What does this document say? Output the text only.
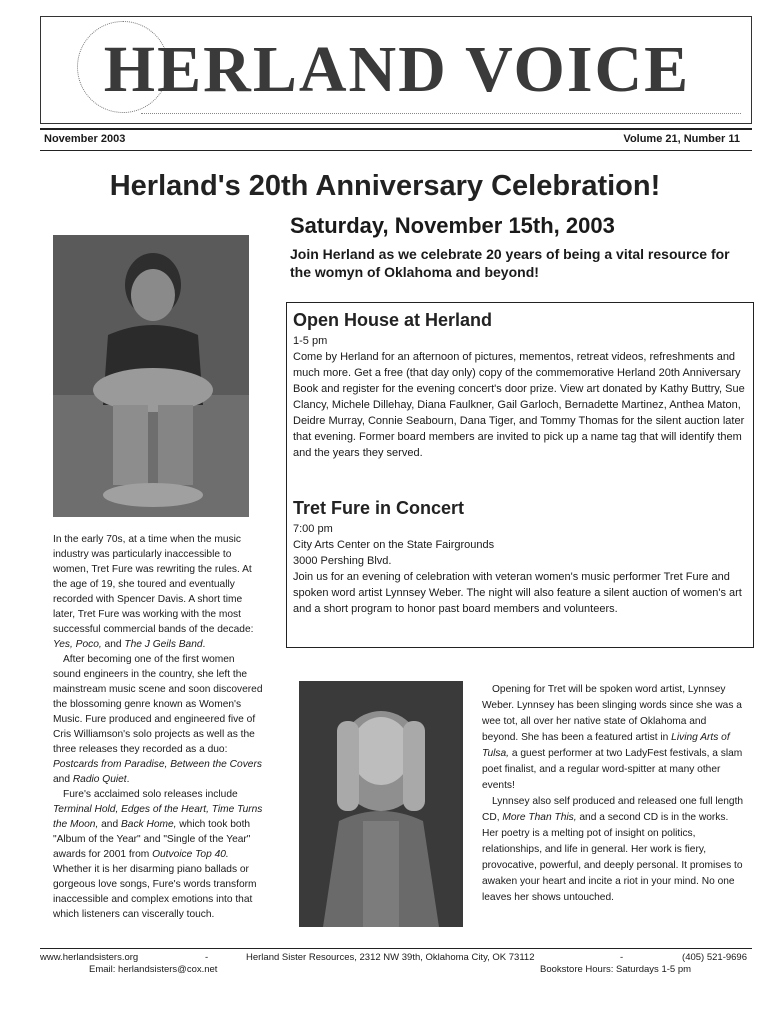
HERLAND VOICE
November 2003	Volume 21, Number 11
Herland's 20th Anniversary Celebration!
Saturday, November 15th, 2003
Join Herland as we celebrate 20 years of being a vital resource for the womyn of Oklahoma and beyond!

In the early 70s, at a time when the music industry was particularly inaccessible to women, Tret Fure was rewriting the rules. At the age of 19, she toured and eventually recorded with Spencer Davis. A short time later, Tret Fure was working with the most successful commercial bands of the decade: Yes, Poco, and The J Geils Band.

After becoming one of the first women sound engineers in the country, she left the mainstream music scene and soon discovered the blossoming genre known as Women's Music. Fure produced and engineered five of Cris Williamson's solo projects as well as the three releases they recorded as a duo: Postcards from Paradise, Between the Covers and Radio Quiet.

Fure's acclaimed solo releases include Terminal Hold, Edges of the Heart, Time Turns the Moon, and Back Home, which took both "Album of the Year" and "Single of the Year" awards for 2001 from Outvoice Top 40. Whether it is her disarming piano ballads or gorgeous love songs, Fure's words transform inaccessible and complex emotions into that which listeners can viscerally touch.

Open House at Herland
1-5 pm
Come by Herland for an afternoon of pictures, mementos, retreat videos, refreshments and much more. Get a free (that day only) copy of the commemorative Herland 20th Anniversary Book and register for the evening concert's door prize. View art donated by Kathy Buttry, Sue Clancy, Michele Dillehay, Diana Faulkner, Gail Garloch, Bernadette Martinez, Anthea Maton, Deidre Murray, Connie Seabourn, Dana Tiger, and Tommy Thomas for the silent auction later that evening. Former board members are invited to pick up a name tag that will identify them and the years they served.
Tret Fure in Concert
7:00 pm
City Arts Center on the State Fairgrounds
3000 Pershing Blvd.
Join us for an evening of celebration with veteran women's music performer Tret Fure and spoken word artist Lynnsey Weber. The night will also feature a silent auction of women's art and a short program to honor past board members and volunteers.

Opening for Tret will be spoken word artist, Lynnsey Weber. Lynnsey has been slinging words since she was a wee tot, all over her native state of Oklahoma and beyond. She has been a featured artist in Living Arts of Tulsa, a guest performer at two LadyFest festivals, a slam poet finalist, and a regular word-spitter at many other events!

Lynnsey also self produced and released one full length CD, More Than This, and a second CD is in the works. Her poetry is a melting pot of insight on politics, relationships, and life in general. Her work is fiery, provocative, powerful, and deeply personal. It promises to awaken your heart and incite a riot in your mind. No one leaves her shows untouched.

www.herlandsisters.org	-
Email: herlandsisters@cox.net
Herland Sister Resources, 2312 NW 39th, Oklahoma City, OK 73112	-	(405) 521-9696
Bookstore Hours: Saturdays 1-5 pm
